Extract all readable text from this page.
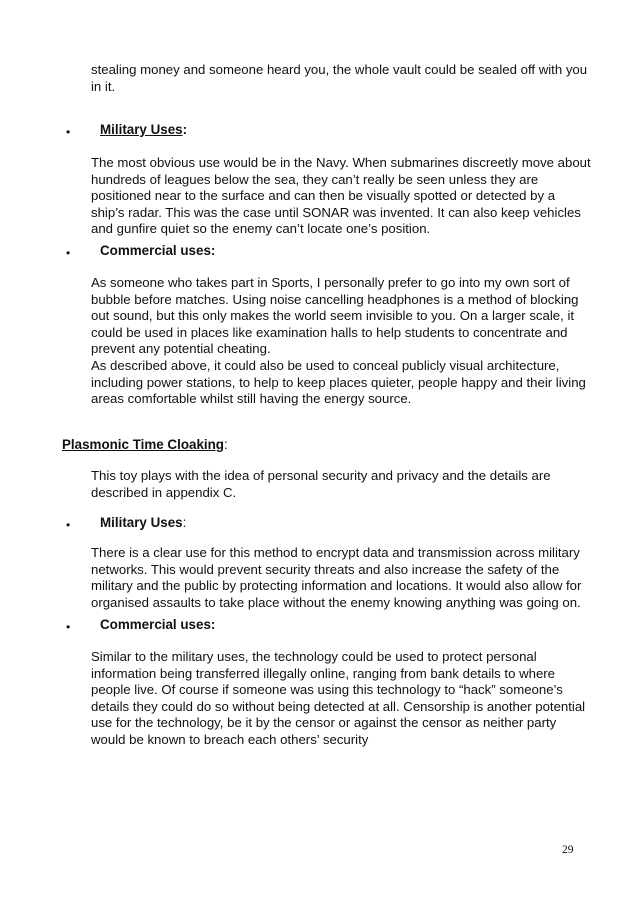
stealing money and someone heard you, the whole vault could be sealed off with you in it.

• Military Uses:

The most obvious use would be in the Navy. When submarines discreetly move about hundreds of leagues below the sea, they can’t really be seen unless they are positioned near to the surface and can then be visually spotted or detected by a ship’s radar. This was the case until SONAR was invented. It can also keep vehicles and gunfire quiet so the enemy can’t locate one’s position.

• Commercial uses:

As someone who takes part in Sports, I personally prefer to go into my own sort of bubble before matches. Using noise cancelling headphones is a method of blocking out sound, but this only makes the world seem invisible to you. On a larger scale, it could be used in places like examination halls to help students to concentrate and prevent any potential cheating.

As described above, it could also be used to conceal publicly visual architecture, including power stations, to help to keep places quieter, people happy and their living areas comfortable whilst still having the energy source.

Plasmonic Time Cloaking:

This toy plays with the idea of personal security and privacy and the details are described in appendix C.

• Military Uses:

There is a clear use for this method to encrypt data and transmission across military networks. This would prevent security threats and also increase the safety of the military and the public by protecting information and locations. It would also allow for organised assaults to take place without the enemy knowing anything was going on.

• Commercial uses:

Similar to the military uses, the technology could be used to protect personal information being transferred illegally online, ranging from bank details to where people live. Of course if someone was using this technology to “hack” someone’s details they could do so without being detected at all. Censorship is another potential use for the technology, be it by the censor or against the censor as neither party would be known to breach each others’ security

29
